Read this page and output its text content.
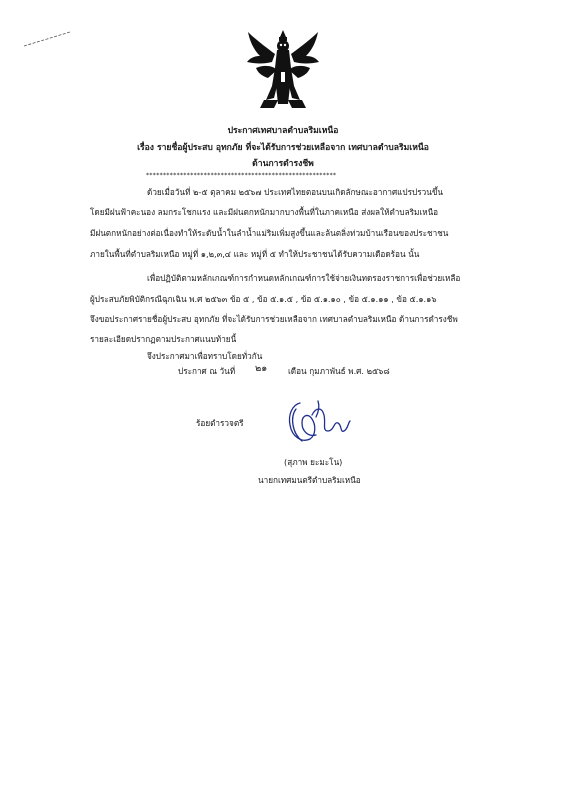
ประกาศเทศบาลตำบลริมเหนือ
เรื่อง รายชื่อผู้ประสบ อุทกภัย ที่จะได้รับการช่วยเหลือจาก เทศบาลตำบลริมเหนือ
ด้านการดำรงชีพ
********************************************************
ด้วยเมื่อวันที่ ๒-๕ ตุลาคม ๒๕๖๗ ประเทศไทยตอนบนเกิดลักษณะอากาศแปรปรวนขึ้น
โดยมีฝนฟ้าคะนอง ลมกระโชกแรง และมีฝนตกหนักมากบางพื้นที่ในภาคเหนือ ส่งผลให้ตำบลริมเหนือ
มีฝนตกหนักอย่างต่อเนื่องทำให้ระดับน้ำในลำน้ำแม่ริมเพิ่มสูงขึ้นและล้นตลิ่งท่วมบ้านเรือนของประชาชน
ภายในพื้นที่ตำบลริมเหนือ หมู่ที่ ๑,๒,๓,๔ และ หมู่ที่ ๕ ทำให้ประชาชนได้รับความเดือดร้อน นั้น
เพื่อปฏิบัติตามหลักเกณฑ์การกำหนดหลักเกณฑ์การใช้จ่ายเงินทดรองราชการเพื่อช่วยเหลือ
ผู้ประสบภัยพิบัติกรณีฉุกเฉิน พ.ศ ๒๕๖๓ ข้อ ๕ , ข้อ ๕.๑.๕ , ข้อ ๕.๑.๑๐ , ข้อ ๕.๑.๑๑ , ข้อ ๕.๑.๑๖
จึงขอประกาศรายชื่อผู้ประสบ อุทกภัย ที่จะได้รับการช่วยเหลือจาก เทศบาลตำบลริมเหนือ ด้านการดำรงชีพ
รายละเอียดปรากฏตามประกาศแนบท้ายนี้
จึงประกาศมาเพื่อทราบโดยทั่วกัน
ประกาศ ณ วันที่ ๒๑	เดือน กุมภาพันธ์ พ.ศ. ๒๕๖๘
ร้อยตำรวจตรี
(สุภาพ ยะมะโน)
นายกเทศมนตรีตำบลริมเหนือ
